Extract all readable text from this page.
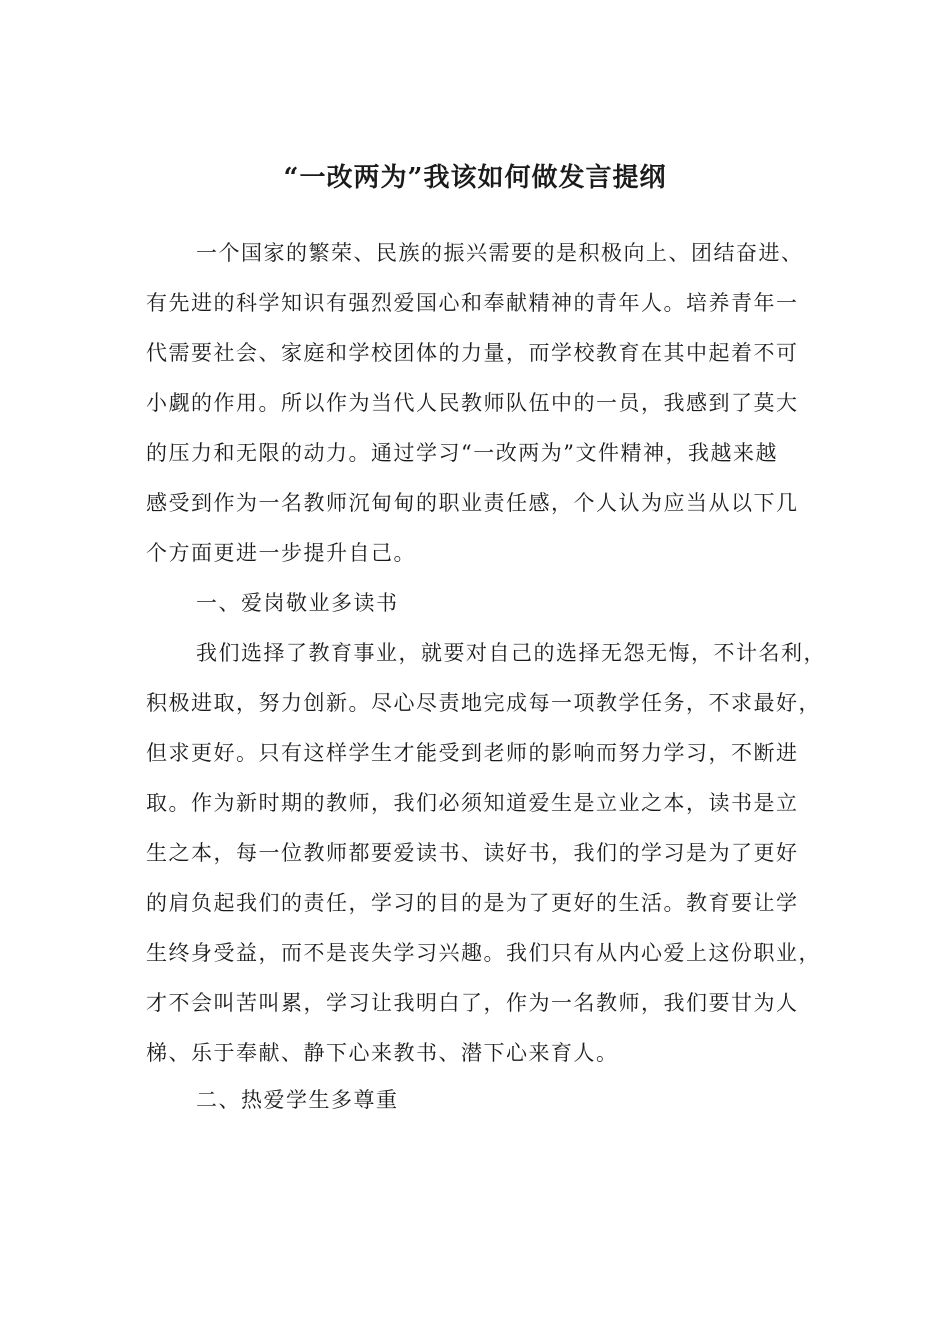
“一改两为”我该如何做发言提纲

一个国家的繁荣、民族的振兴需要的是积极向上、团结奋进、

有先进的科学知识有强烈爱国心和奉献精神的青年人。培养青年一

代需要社会、家庭和学校团体的力量，而学校教育在其中起着不可

小觑的作用。所以作为当代人民教师队伍中的一员，我感到了莫大

的压力和无限的动力。通过学习“一改两为”文件精神，我越来越

感受到作为一名教师沉甸甸的职业责任感，个人认为应当从以下几

个方面更进一步提升自己。

一、爱岗敬业多读书

我们选择了教育事业，就要对自己的选择无怨无悔，不计名利，

积极进取，努力创新。尽心尽责地完成每一项教学任务，不求最好，

但求更好。只有这样学生才能受到老师的影响而努力学习，不断进

取。作为新时期的教师，我们必须知道爱生是立业之本，读书是立

生之本，每一位教师都要爱读书、读好书，我们的学习是为了更好

的肩负起我们的责任，学习的目的是为了更好的生活。教育要让学

生终身受益，而不是丧失学习兴趣。我们只有从内心爱上这份职业，

才不会叫苦叫累，学习让我明白了，作为一名教师，我们要甘为人

梯、乐于奉献、静下心来教书、潜下心来育人。

二、热爱学生多尊重
